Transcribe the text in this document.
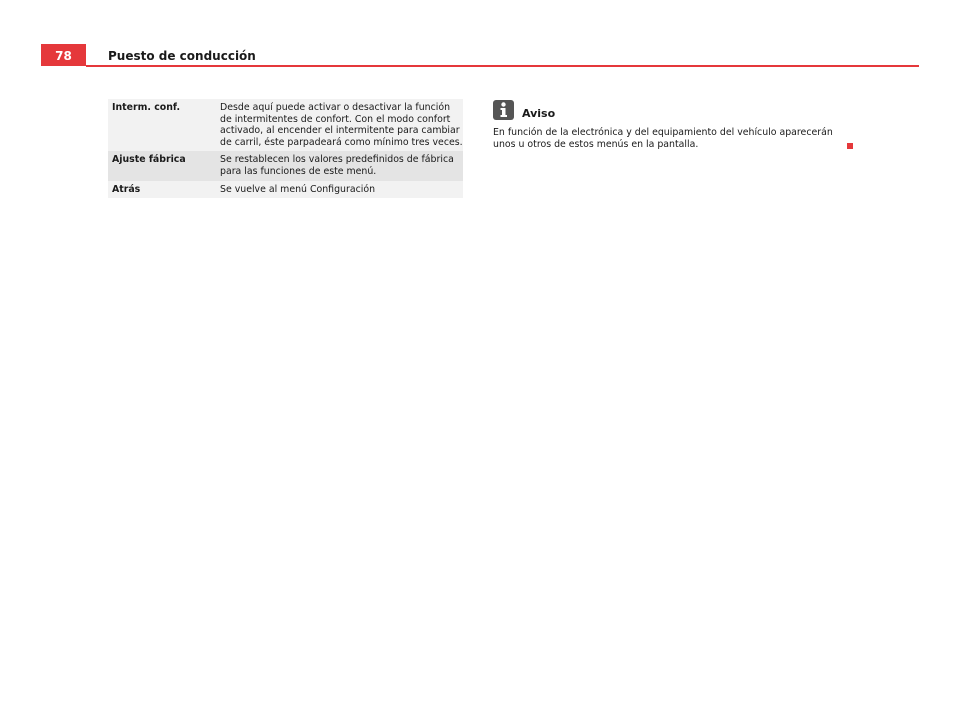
78	Puesto de conducción
Interm. conf.	Desde aquí puede activar o desactivar la función de intermitentes de confort. Con el modo confort activado, al encender el intermitente para cambiar de carril, éste parpadeará como mínimo tres veces.
Ajuste fábrica	Se restablecen los valores predefinidos de fábrica para las funciones de este menú.
Atrás	Se vuelve al menú Configuración
Aviso
En función de la electrónica y del equipamiento del vehículo aparecerán unos u otros de estos menús en la pantalla.
